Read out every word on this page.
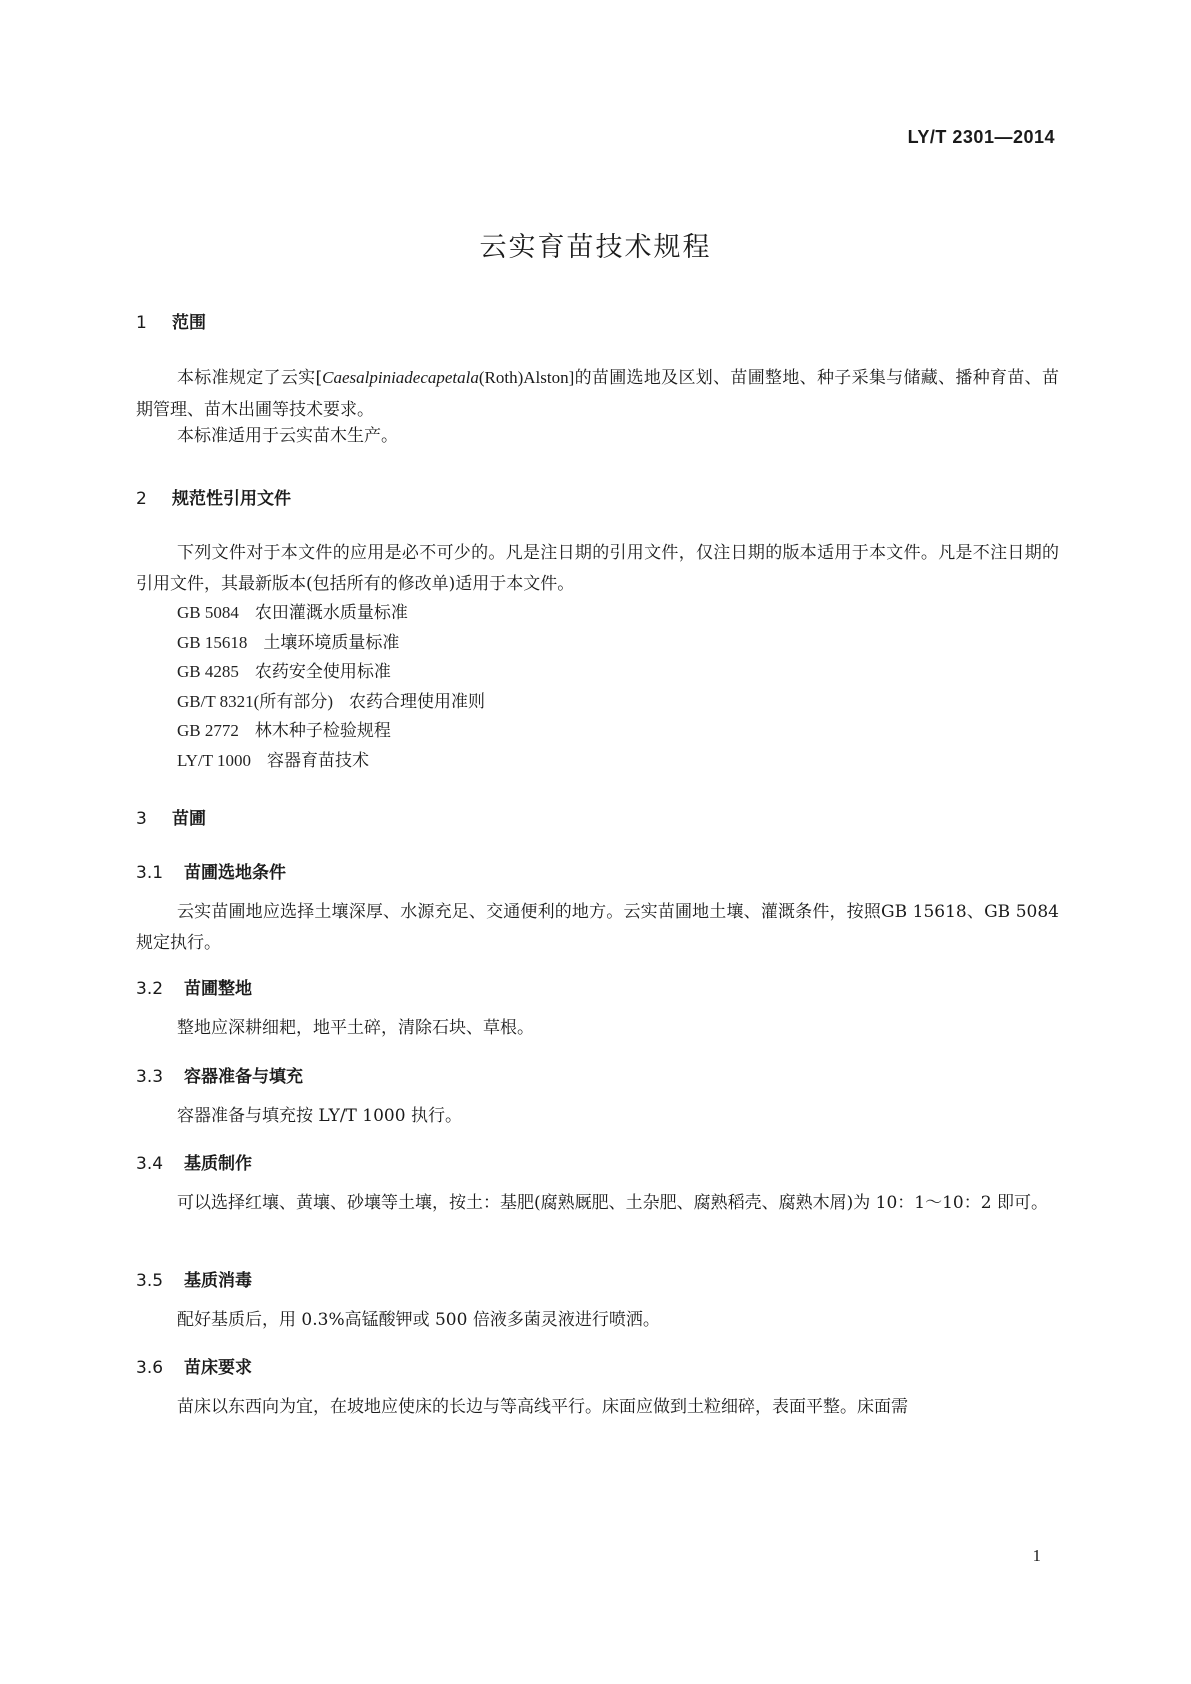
LY/T 2301—2014
云实育苗技术规程
1 范围
本标准规定了云实[Caesalpiniadecapetala(Roth)Alston]的苗圃选地及区划、苗圃整地、种子采集与储藏、播种育苗、苗期管理、苗木出圃等技术要求。
本标准适用于云实苗木生产。
2 规范性引用文件
下列文件对于本文件的应用是必不可少的。凡是注日期的引用文件，仅注日期的版本适用于本文件。凡是不注日期的引用文件，其最新版本(包括所有的修改单)适用于本文件。
GB 5084 农田灌溉水质量标准
GB 15618 土壤环境质量标准
GB 4285 农药安全使用标准
GB/T 8321(所有部分) 农药合理使用准则
GB 2772 林木种子检验规程
LY/T 1000 容器育苗技术
3 苗圃
3.1 苗圃选地条件
云实苗圃地应选择土壤深厚、水源充足、交通便利的地方。云实苗圃地土壤、灌溉条件，按照GB 15618、GB 5084 规定执行。
3.2 苗圃整地
整地应深耕细耙，地平土碎，清除石块、草根。
3.3 容器准备与填充
容器准备与填充按 LY/T 1000 执行。
3.4 基质制作
可以选择红壤、黄壤、砂壤等土壤，按土：基肥(腐熟厩肥、土杂肥、腐熟稻壳、腐熟木屑)为 10：1～10：2 即可。
3.5 基质消毒
配好基质后，用 0.3%高锰酸钾或 500 倍液多菌灵液进行喷洒。
3.6 苗床要求
苗床以东西向为宜，在坡地应使床的长边与等高线平行。床面应做到土粒细碎，表面平整。床面需
1
